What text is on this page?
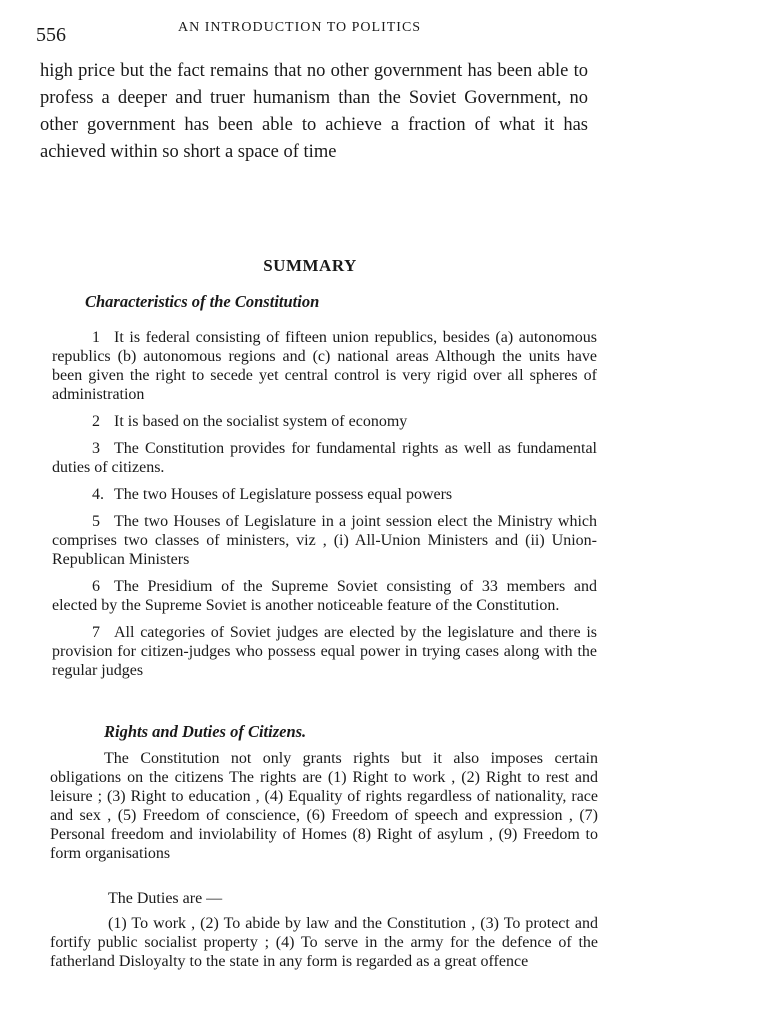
556	AN INTRODUCTION TO POLITICS

high price but the fact remains that no other government has been able to profess a deeper and truer humanism than the Soviet Government, no other government has been able to achieve a fraction of what it has achieved within so short a space of time

SUMMARY
Characteristics of the Constitution
1 It is federal consisting of fifteen union republics, besides (a) autonomous republics (b) autonomous regions and (c) national areas Although the units have been given the right to secede yet central control is very rigid over all spheres of administration
2 It is based on the socialist system of economy
3 The Constitution provides for fundamental rights as well as fundamental duties of citizens.
4. The two Houses of Legislature possess equal powers
5 The two Houses of Legislature in a joint session elect the Ministry which comprises two classes of ministers, viz , (i) All-Union Ministers and (ii) Union-Republican Ministers
6 The Presidium of the Supreme Soviet consisting of 33 members and elected by the Supreme Soviet is another noticeable feature of the Constitution.
7 All categories of Soviet judges are elected by the legislature and there is provision for citizen-judges who possess equal power in trying cases along with the regular judges
Rights and Duties of Citizens.

The Constitution not only grants rights but it also imposes certain obligations on the citizens The rights are (1) Right to work , (2) Right to rest and leisure ; (3) Right to education , (4) Equality of rights regardless of nationality, race and sex , (5) Freedom of conscience, (6) Freedom of speech and expression , (7) Personal freedom and inviolability of Homes (8) Right of asylum , (9) Freedom to form organisations

The Duties are —

(1) To work , (2) To abide by law and the Constitution , (3) To protect and fortify public socialist property ; (4) To serve in the army for the defence of the fatherland Disloyalty to the state in any form is regarded as a great offence
